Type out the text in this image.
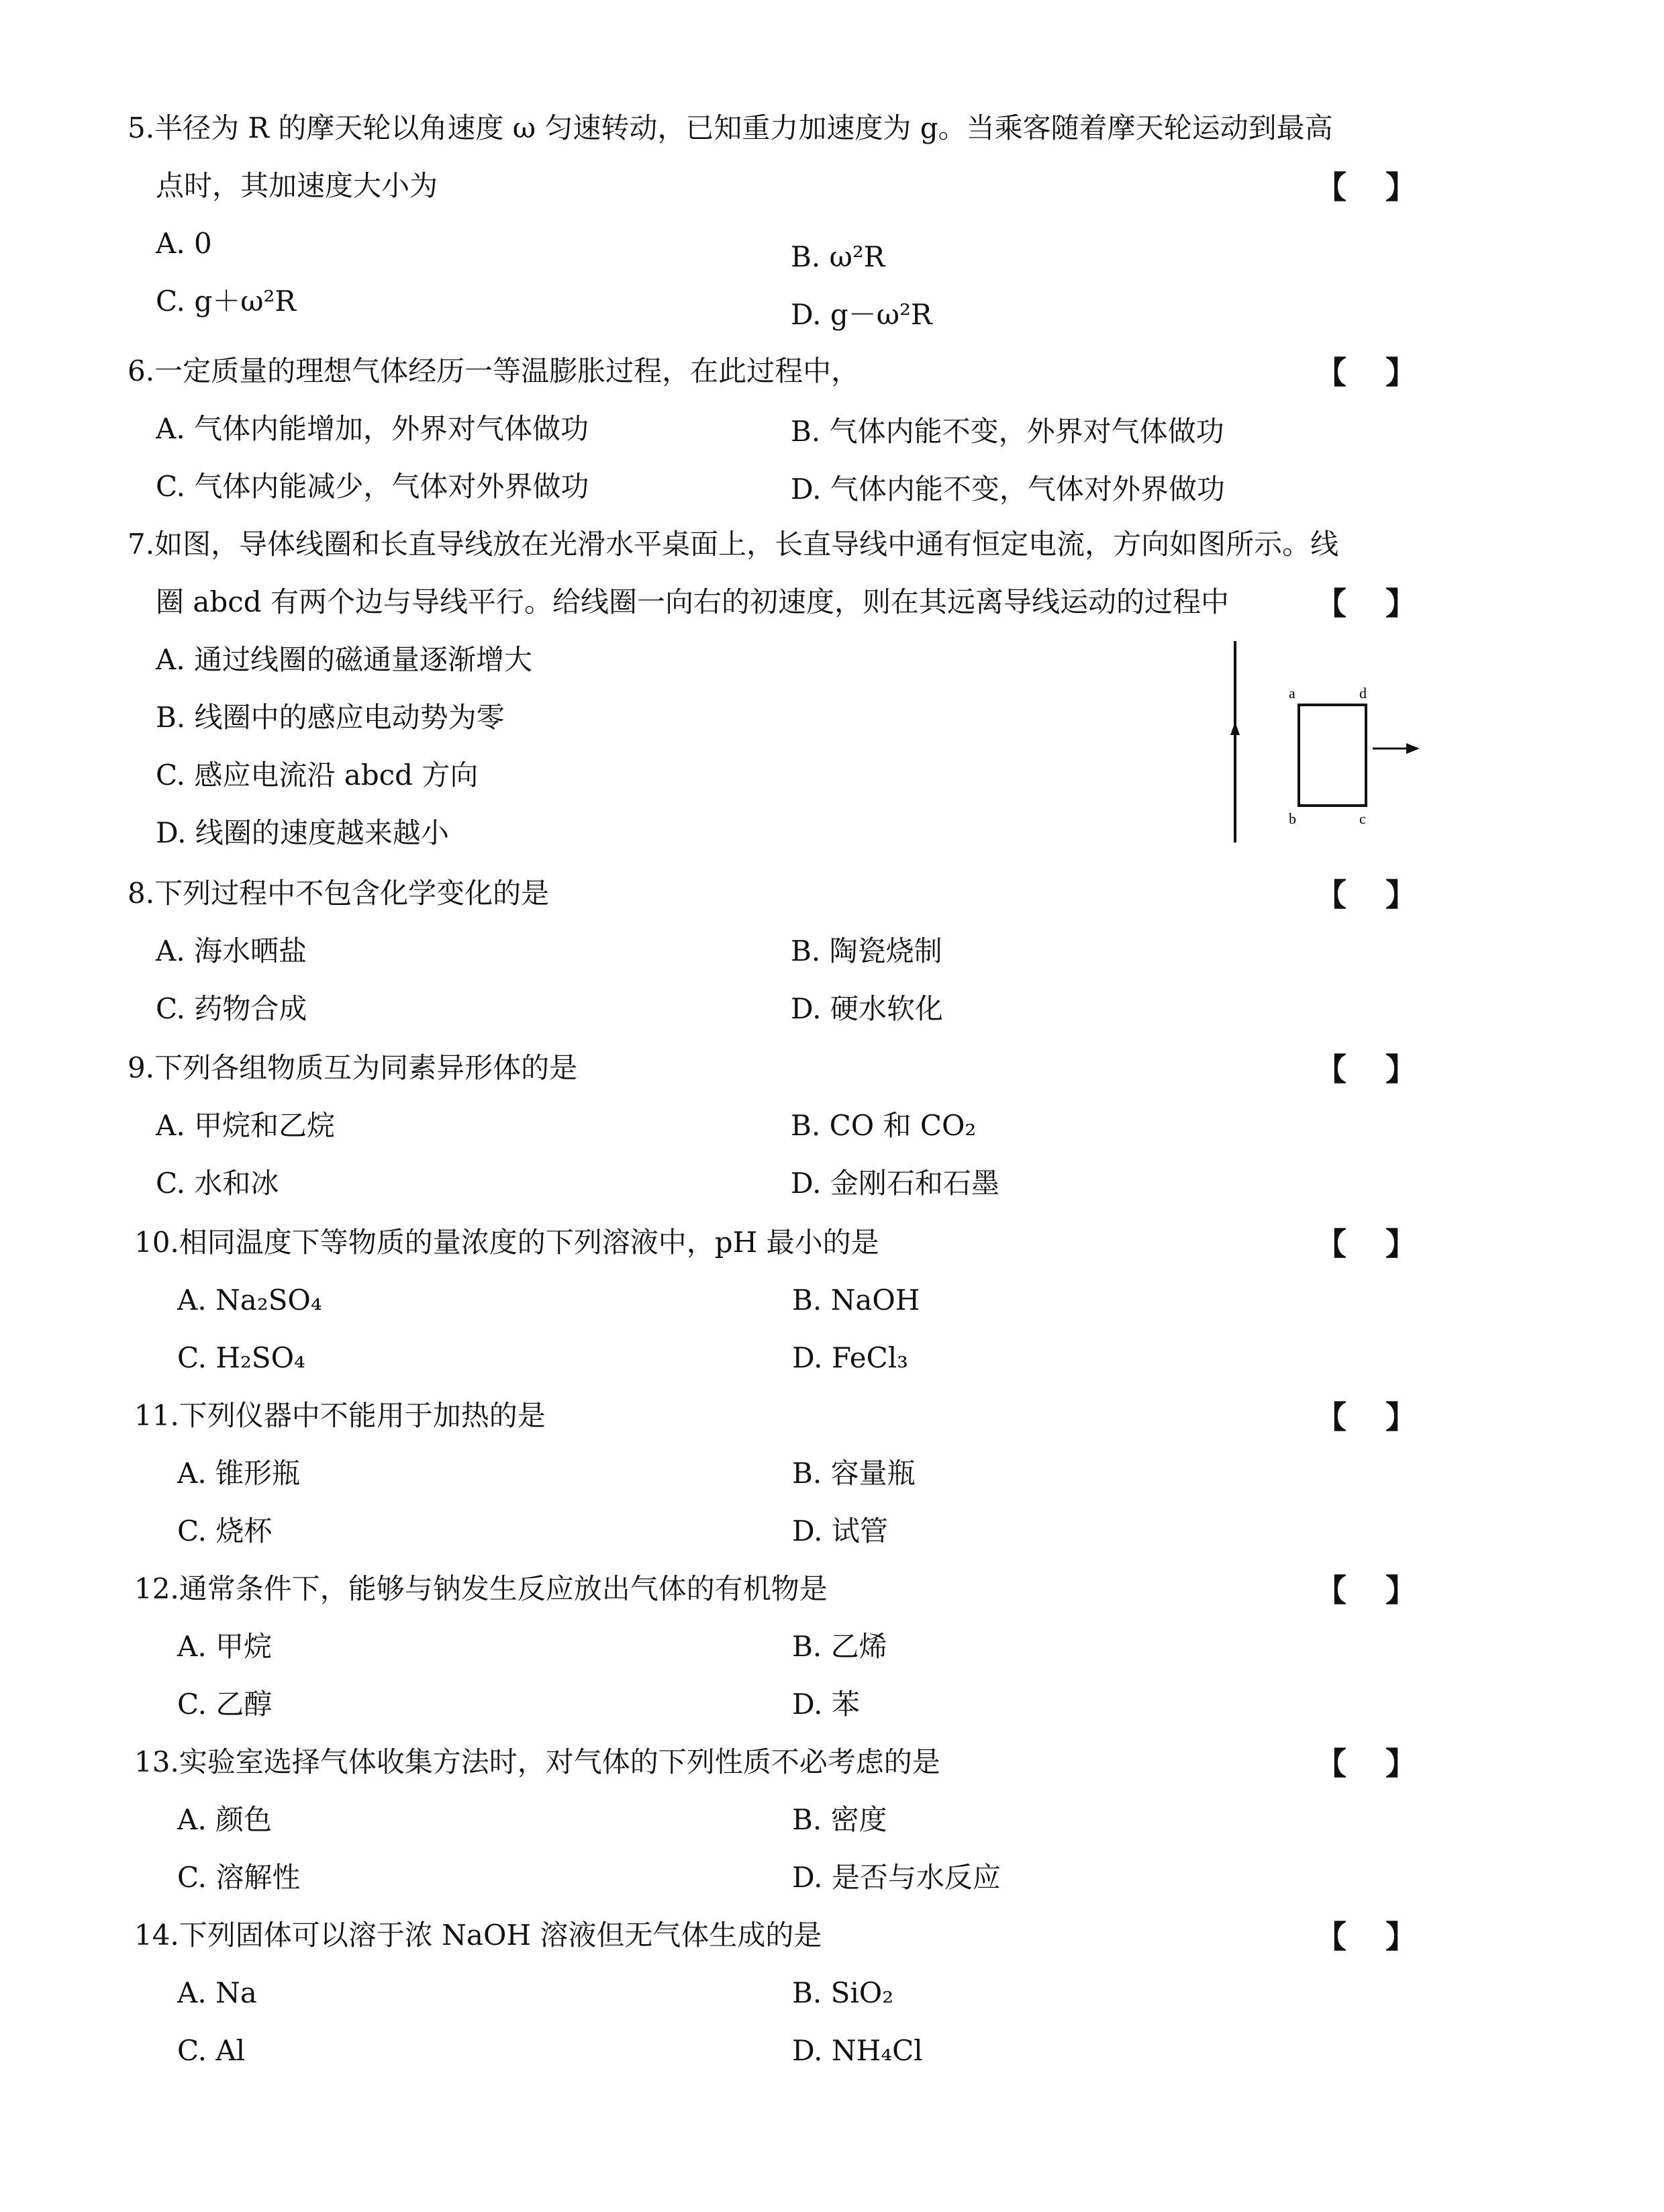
5.半径为 R 的摩天轮以角速度 ω 匀速转动，已知重力加速度为 g。当乘客随着摩天轮运动到最高
点时，其加速度大小为	【 】
A. 0	B. ω²R
C. g＋ω²R	D. g－ω²R
6.一定质量的理想气体经历一等温膨胀过程，在此过程中，	【 】
A. 气体内能增加，外界对气体做功	B. 气体内能不变，外界对气体做功
C. 气体内能减少，气体对外界做功	D. 气体内能不变，气体对外界做功
7.如图，导体线圈和长直导线放在光滑水平桌面上，长直导线中通有恒定电流，方向如图所示。线
圈 abcd 有两个边与导线平行。给线圈一向右的初速度，则在其远离导线运动的过程中	【 】
A. 通过线圈的磁通量逐渐增大
B. 线圈中的感应电动势为零
C. 感应电流沿 abcd 方向
D. 线圈的速度越来越小
a	d
b	c
8.下列过程中不包含化学变化的是	【 】
A. 海水晒盐	B. 陶瓷烧制
C. 药物合成	D. 硬水软化
9.下列各组物质互为同素异形体的是	【 】
A. 甲烷和乙烷	B. CO 和 CO₂
C. 水和冰	D. 金刚石和石墨
10.相同温度下等物质的量浓度的下列溶液中，pH 最小的是	【 】
A. Na₂SO₄	B. NaOH
C. H₂SO₄	D. FeCl₃
11.下列仪器中不能用于加热的是	【 】
A. 锥形瓶	B. 容量瓶
C. 烧杯	D. 试管
12.通常条件下，能够与钠发生反应放出气体的有机物是	【 】
A. 甲烷	B. 乙烯
C. 乙醇	D. 苯
13.实验室选择气体收集方法时，对气体的下列性质不必考虑的是	【 】
A. 颜色	B. 密度
C. 溶解性	D. 是否与水反应
14.下列固体可以溶于浓 NaOH 溶液但无气体生成的是	【 】
A. Na	B. SiO₂
C. Al	D. NH₄Cl
